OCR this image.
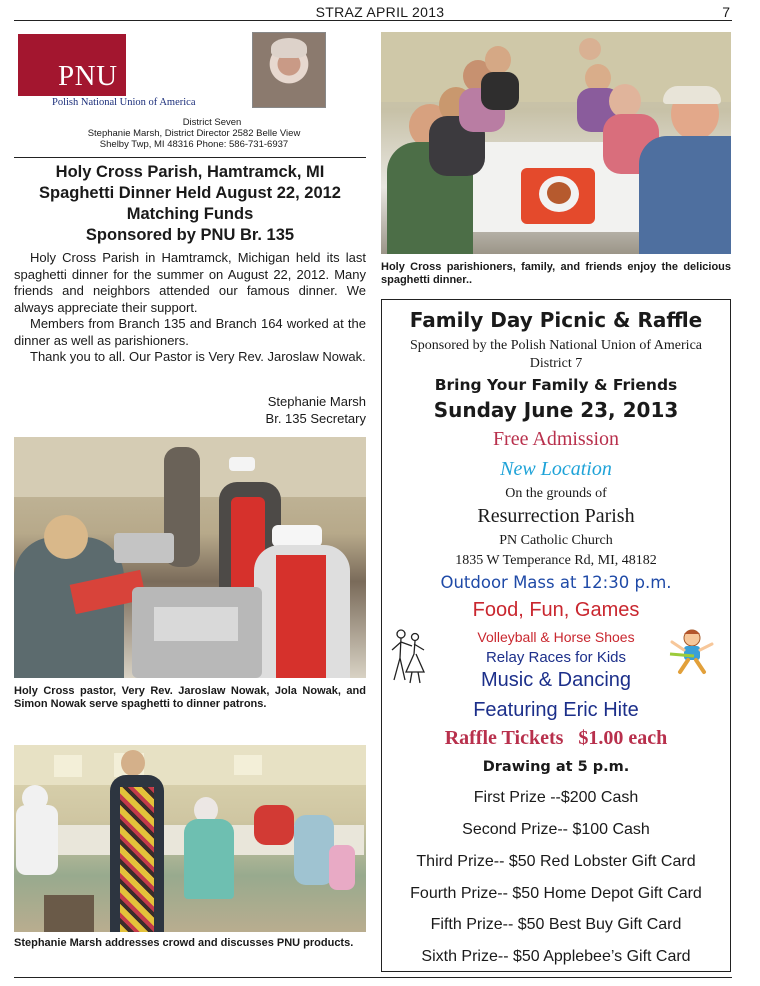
STRAZ APRIL 2013	7
PNU
Polish National Union of America
District Seven
Stephanie Marsh, District Director 2582 Belle View
Shelby Twp, MI 48316 Phone: 586-731-6937
Holy Cross Parish, Hamtramck, MI
Spaghetti Dinner Held August 22, 2012
Matching Funds
Sponsored by PNU Br. 135

Holy Cross Parish in Hamtramck, Michigan held its last spaghetti dinner for the summer on August 22, 2012. Many friends and neighbors attended our famous dinner. We always appreciate their support.

Members from Branch 135 and Branch 164 worked at the dinner as well as parishioners.

Thank you to all. Our Pastor is Very Rev. Jaroslaw Nowak.

Stephanie Marsh
Br. 135 Secretary
Holy Cross pastor, Very Rev. Jaroslaw Nowak, Jola Nowak, and Simon Nowak serve spaghetti to dinner patrons.
Stephanie Marsh addresses crowd and discusses PNU products.
Holy Cross parishioners, family, and friends enjoy the delicious spaghetti dinner..
Family Day Picnic & Raffle
Sponsored by the Polish National Union of America
District 7
Bring Your Family & Friends
Sunday June 23, 2013
Free Admission
New Location
On the grounds of
Resurrection Parish
PN Catholic Church
1835 W Temperance Rd, MI, 48182
Outdoor Mass at 12:30 p.m.
Food, Fun, Games
Volleyball & Horse Shoes
Relay Races for Kids
Music & Dancing
Featuring Eric Hite
Raffle Tickets   $1.00 each
Drawing at 5 p.m.
First Prize --$200 Cash
Second Prize-- $100 Cash
Third Prize-- $50 Red Lobster Gift Card
Fourth Prize-- $50 Home Depot Gift Card
Fifth Prize-- $50 Best Buy Gift Card
Sixth Prize-- $50 Applebee’s Gift Card
